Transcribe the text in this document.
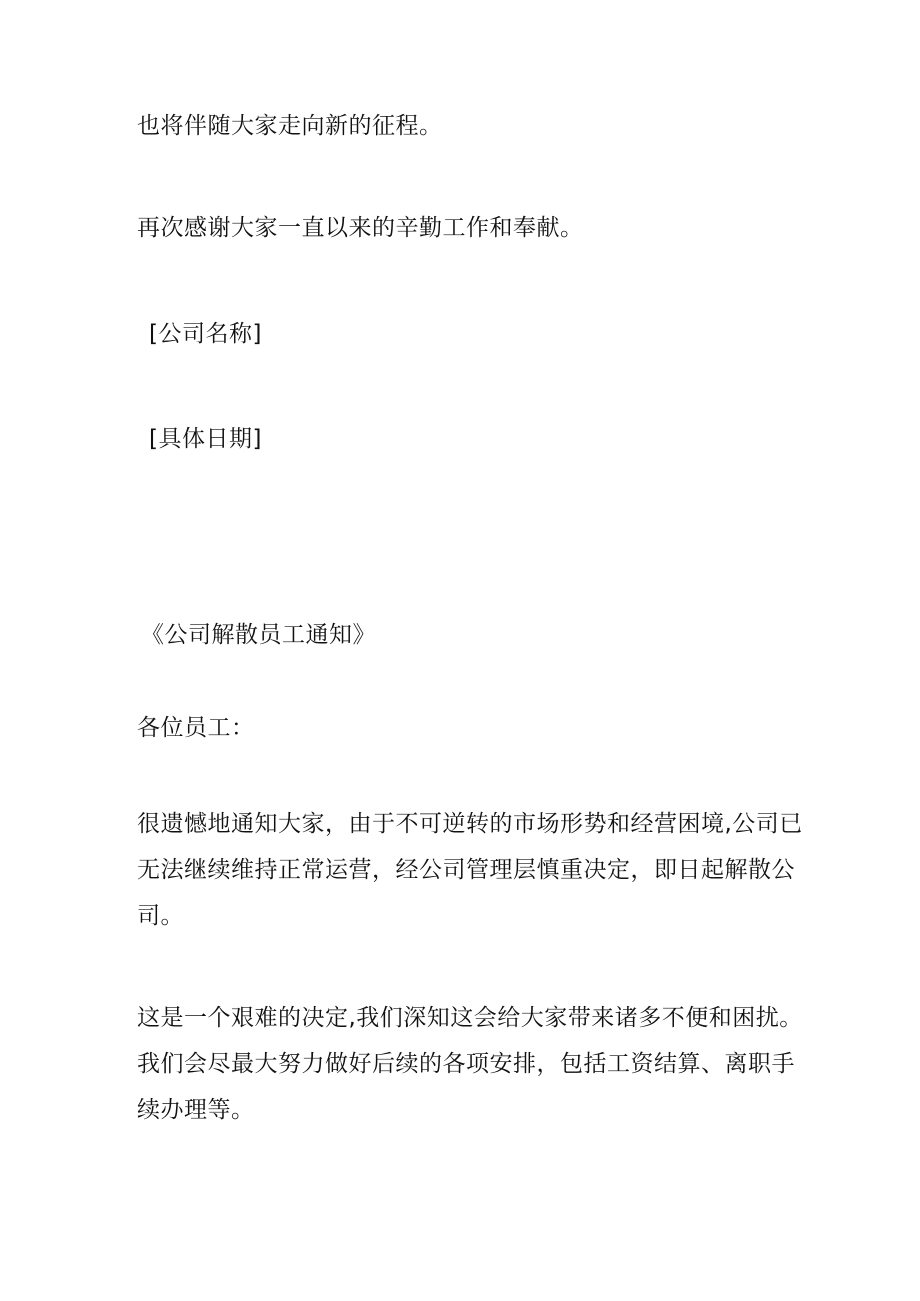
也将伴随大家走向新的征程。
再次感谢大家一直以来的辛勤工作和奉献。
[公司名称]
[具体日期]
《公司解散员工通知》
各位员工：
很遗憾地通知大家，由于不可逆转的市场形势和经营困境,公司已
无法继续维持正常运营，经公司管理层慎重决定，即日起解散公
司。
这是一个艰难的决定,我们深知这会给大家带来诸多不便和困扰。
我们会尽最大努力做好后续的各项安排，包括工资结算、离职手
续办理等。
